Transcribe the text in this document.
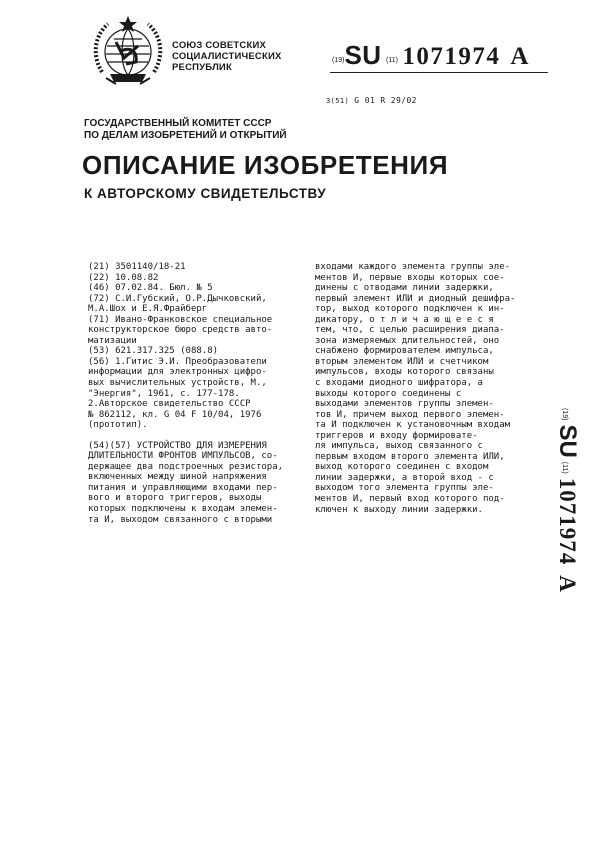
СОЮЗ СОВЕТСКИХ
СОЦИАЛИСТИЧЕСКИХ
РЕСПУБЛИК
(19)SU (11) 1071974 A
3(51) G 01 R 29/02
ГОСУДАРСТВЕННЫЙ КОМИТЕТ СССР
ПО ДЕЛАМ ИЗОБРЕТЕНИЙ И ОТКРЫТИЙ
ОПИСАНИЕ ИЗОБРЕТЕНИЯ
К АВТОРСКОМУ СВИДЕТЕЛЬСТВУ
(21) 3501140/18-21
(22) 10.08.82
(46) 07.02.84. Бюл. № 5
(72) С.И.Губский, О.Р.Дычковский,
М.А.Шох и Е.Я.Фрайберг
(71) Ивано-Франковское специальное
конструкторское бюро средств авто-
матизации
(53) 621.317.325 (088.8)
(56) 1.Гитис Э.И. Преобразователи
информации для электронных цифро-
вых вычислительных устройств, М.,
"Энергия", 1961, с. 177-178.
2.Авторское свидетельство СССР
№ 862112, кл. G 04 F 10/04, 1976
(прототип).
(54)(57) УСТРОЙСТВО ДЛЯ ИЗМЕРЕНИЯ
ДЛИТЕЛЬНОСТИ ФРОНТОВ ИМПУЛЬСОВ, со-
держащее два подстроечных резистора,
включенных между шиной напряжения
питания и управляющими входами пер-
вого и второго триггеров, выходы
которых подключены к входам элемен-
та И, выходом связанного с вторыми
входами каждого элемента группы эле-
ментов И, первые входы которых сое-
динены с отводами линии задержки,
первый элемент ИЛИ и диодный дешифра-
тор, выход которого подключен к ин-
дикатору, о т л и ч а ю щ е е с я
тем, что, с целью расширения диапа-
зона измеряемых длительностей, оно
снабжено формирователем импульса,
вторым элементом ИЛИ и счетчиком
импульсов, входы которого связаны
с входами диодного шифратора, а
выходы которого соединены с
выходами элементов группы элемен-
тов И, причем выход первого элемен-
та И подключен к установочным входам
триггеров и входу формировате-
ля импульса, выход связанного с
первым входом второго элемента ИЛИ,
выход которого соединен с входом
линии задержки, а второй вход - с
выходом того элемента группы эле-
ментов И, первый вход которого под-
ключен к выходу линии задержки.
(19) SU (11) 1071974A
